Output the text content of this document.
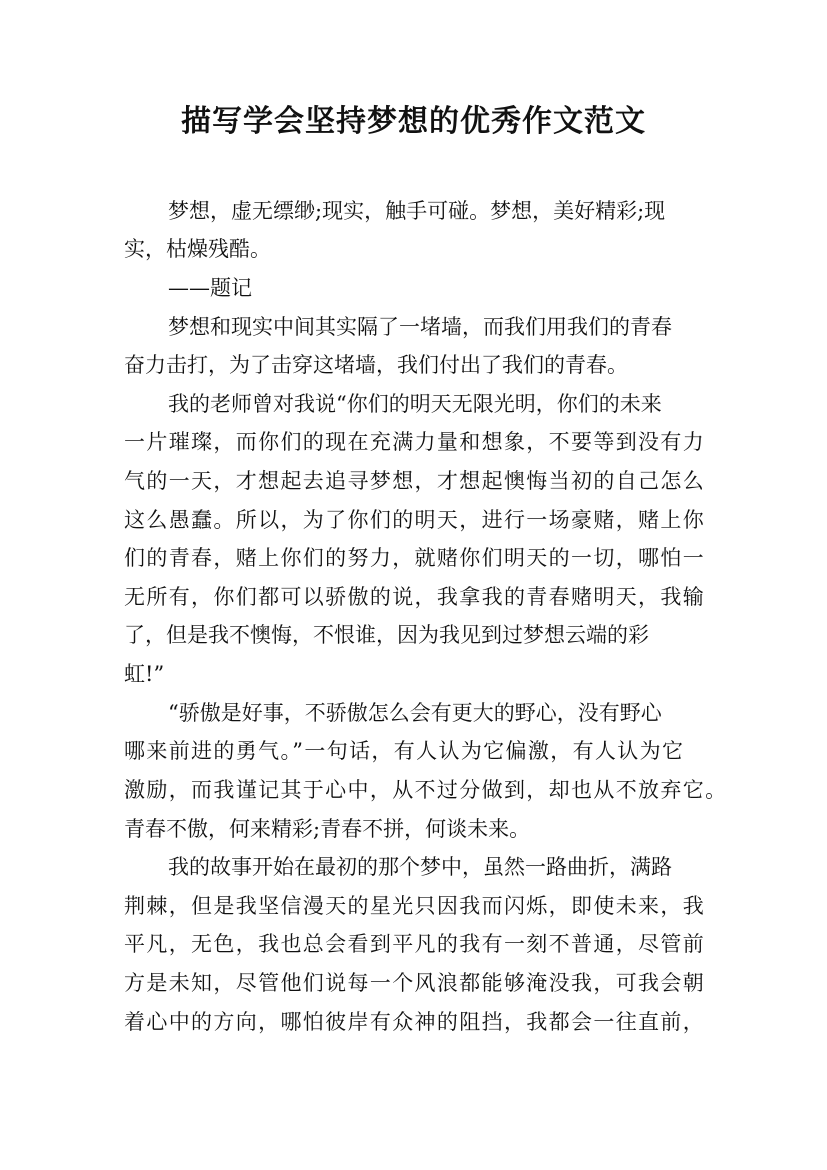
描写学会坚持梦想的优秀作文范文

梦想，虚无缥缈;现实，触手可碰。梦想，美好精彩;现

实，枯燥残酷。

——题记

梦想和现实中间其实隔了一堵墙，而我们用我们的青春

奋力击打，为了击穿这堵墙，我们付出了我们的青春。

我的老师曾对我说“你们的明天无限光明，你们的未来

一片璀璨，而你们的现在充满力量和想象，不要等到没有力

气的一天，才想起去追寻梦想，才想起懊悔当初的自己怎么

这么愚蠢。所以，为了你们的明天，进行一场豪赌，赌上你

们的青春，赌上你们的努力，就赌你们明天的一切，哪怕一

无所有，你们都可以骄傲的说，我拿我的青春赌明天，我输

了，但是我不懊悔，不恨谁，因为我见到过梦想云端的彩

虹!”

“骄傲是好事，不骄傲怎么会有更大的野心，没有野心

哪来前进的勇气。”一句话，有人认为它偏激，有人认为它

激励，而我谨记其于心中，从不过分做到，却也从不放弃它。

青春不傲，何来精彩;青春不拼，何谈未来。

我的故事开始在最初的那个梦中，虽然一路曲折，满路

荆棘，但是我坚信漫天的星光只因我而闪烁，即使未来，我

平凡，无色，我也总会看到平凡的我有一刻不普通，尽管前

方是未知，尽管他们说每一个风浪都能够淹没我，可我会朝

着心中的方向，哪怕彼岸有众神的阻挡，我都会一往直前，
